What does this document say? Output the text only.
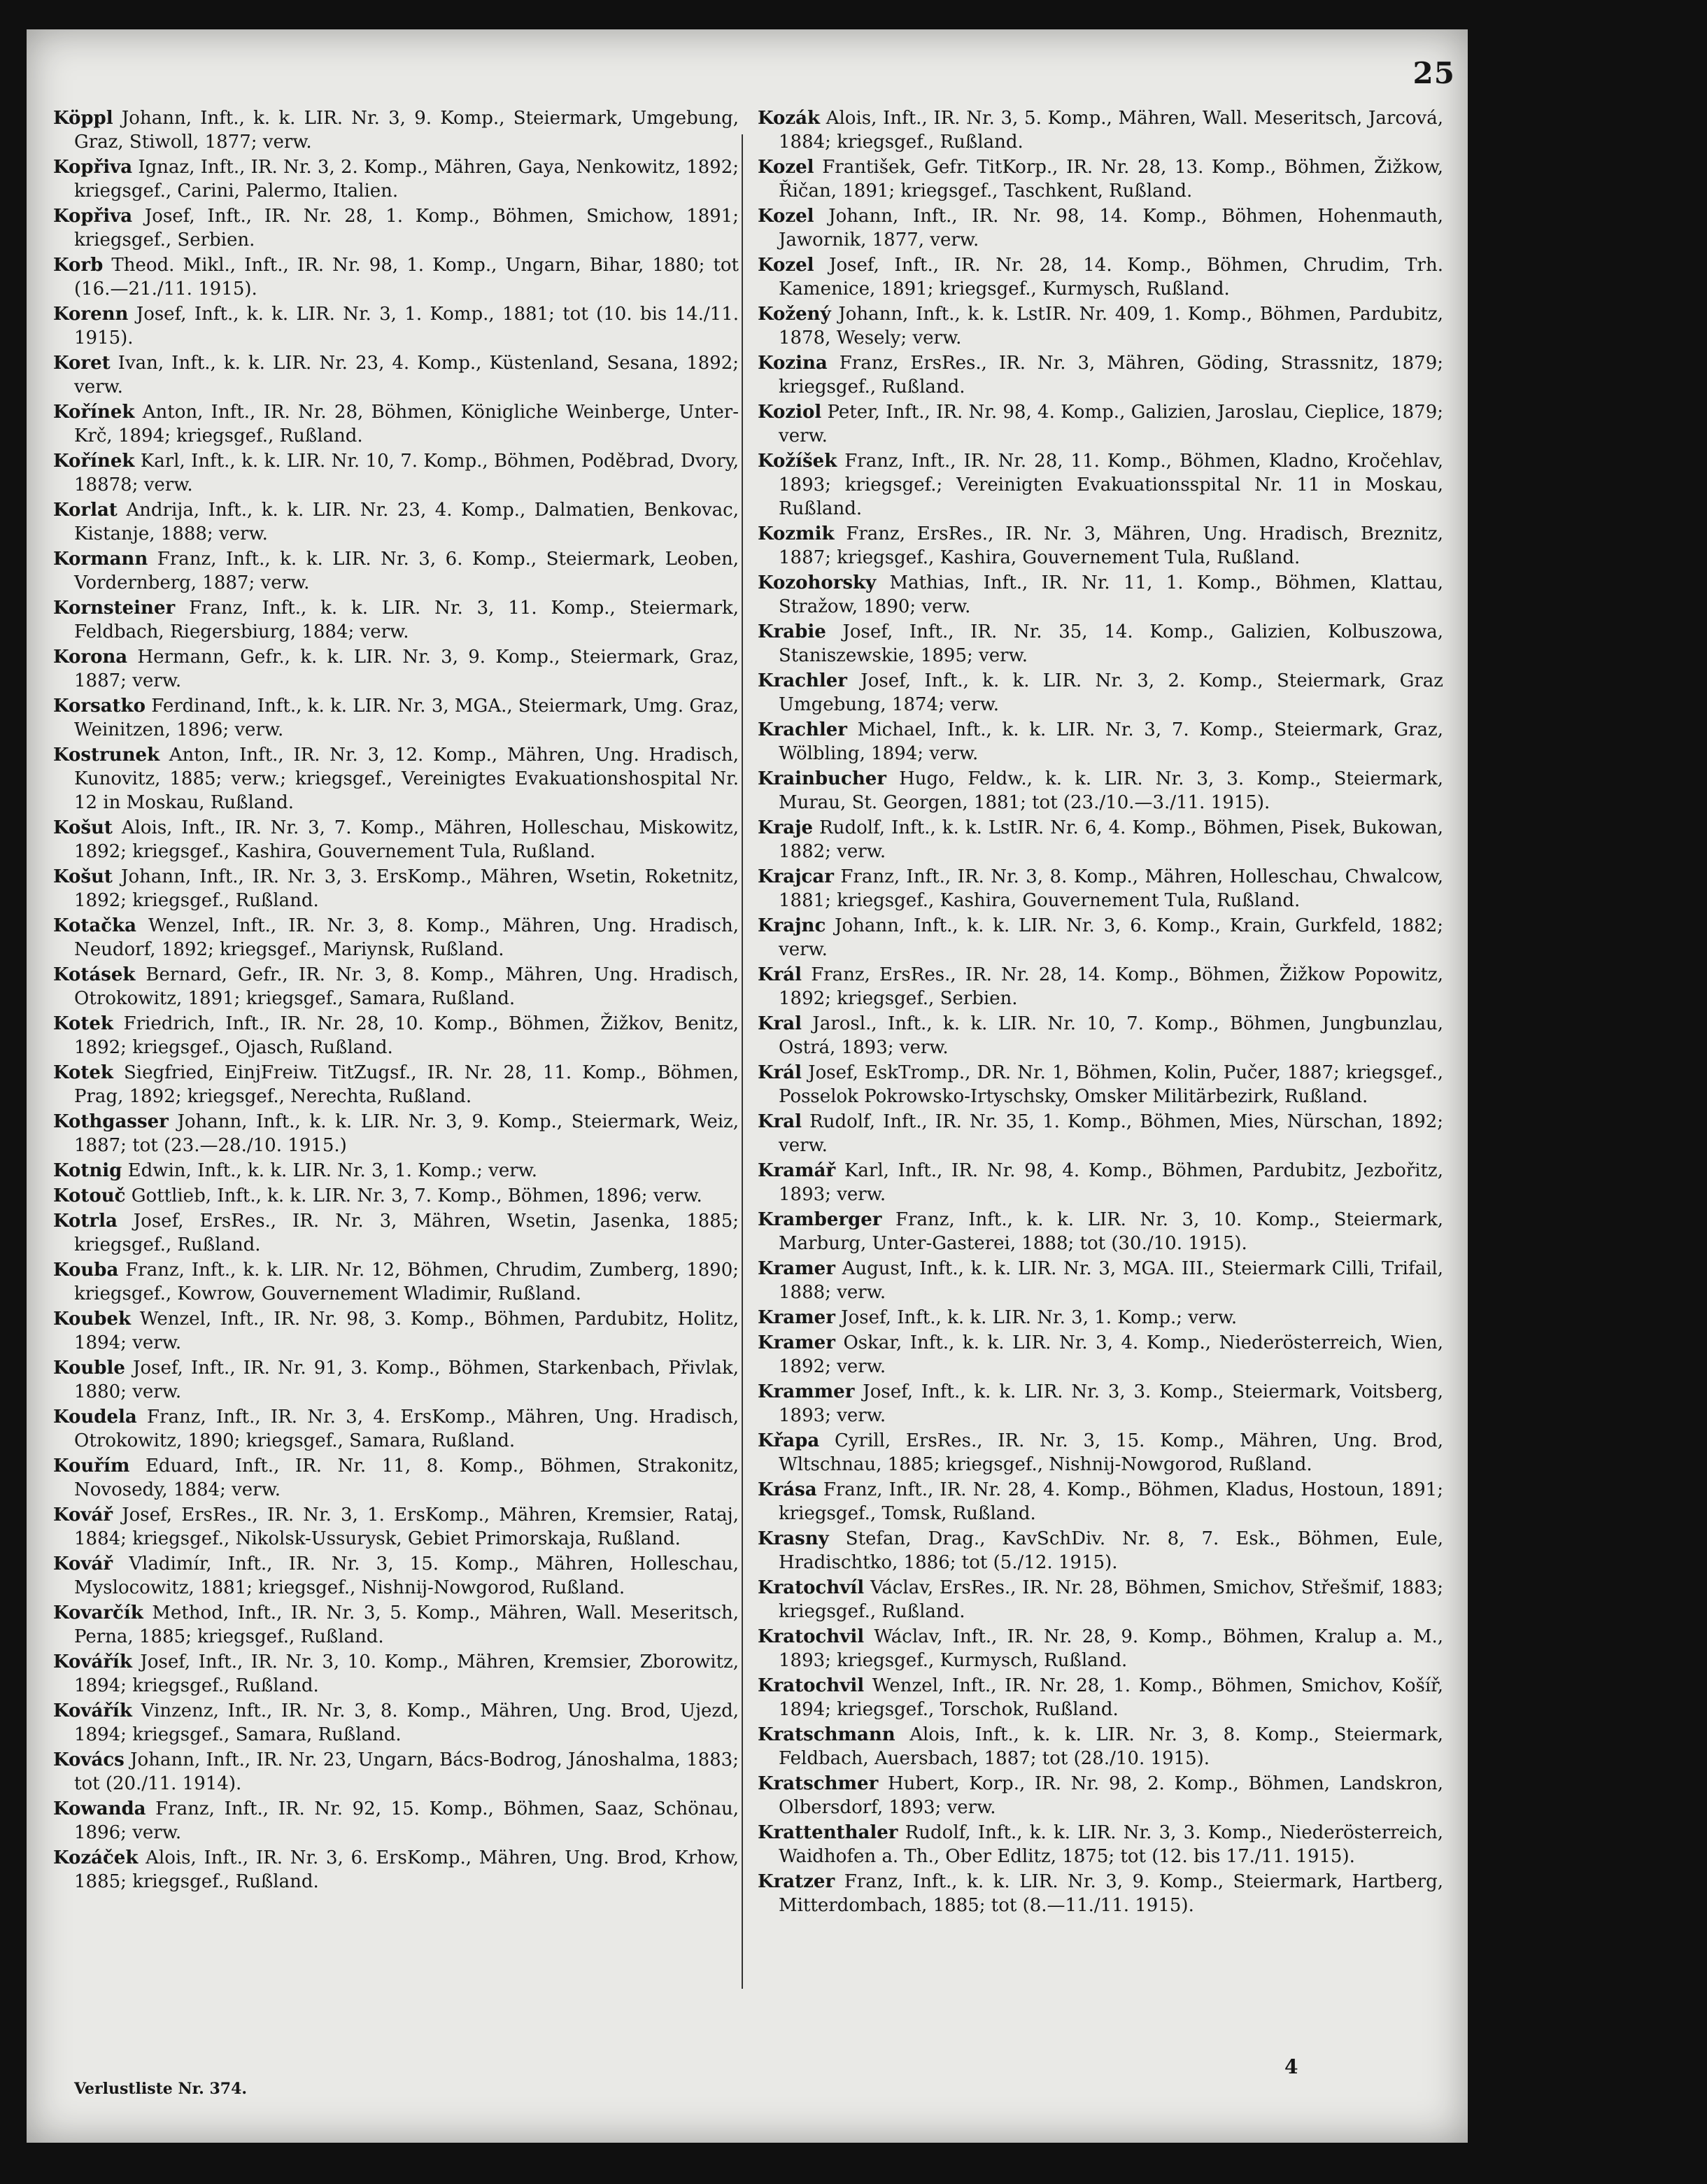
25

Köppl Johann, Inft., k. k. LIR. Nr. 3, 9. Komp., Steiermark, Umgebung, Graz, Stiwoll, 1877; verw.

Kopřiva Ignaz, Inft., IR. Nr. 3, 2. Komp., Mähren, Gaya, Nenkowitz, 1892; kriegsgef., Carini, Palermo, Italien.

Kopřiva Josef, Inft., IR. Nr. 28, 1. Komp., Böhmen, Smichow, 1891; kriegsgef., Serbien.

Korb Theod. Mikl., Inft., IR. Nr. 98, 1. Komp., Ungarn, Bihar, 1880; tot (16.—21./11. 1915).

Korenn Josef, Inft., k. k. LIR. Nr. 3, 1. Komp., 1881; tot (10. bis 14./11. 1915).

Koret Ivan, Inft., k. k. LIR. Nr. 23, 4. Komp., Küstenland, Sesana, 1892; verw.

Kořínek Anton, Inft., IR. Nr. 28, Böhmen, Königliche Weinberge, Unter-Krč, 1894; kriegsgef., Rußland.

Kořínek Karl, Inft., k. k. LIR. Nr. 10, 7. Komp., Böhmen, Poděbrad, Dvory, 18878; verw.

Korlat Andrija, Inft., k. k. LIR. Nr. 23, 4. Komp., Dalmatien, Benkovac, Kistanje, 1888; verw.

Kormann Franz, Inft., k. k. LIR. Nr. 3, 6. Komp., Steiermark, Leoben, Vordernberg, 1887; verw.

Kornsteiner Franz, Inft., k. k. LIR. Nr. 3, 11. Komp., Steiermark, Feldbach, Riegersbiurg, 1884; verw.

Korona Hermann, Gefr., k. k. LIR. Nr. 3, 9. Komp., Steiermark, Graz, 1887; verw.

Korsatko Ferdinand, Inft., k. k. LIR. Nr. 3, MGA., Steiermark, Umg. Graz, Weinitzen, 1896; verw.

Kostrunek Anton, Inft., IR. Nr. 3, 12. Komp., Mähren, Ung. Hradisch, Kunovitz, 1885; verw.; kriegsgef., Vereinigtes Evakuationshospital Nr. 12 in Moskau, Rußland.

Košut Alois, Inft., IR. Nr. 3, 7. Komp., Mähren, Holleschau, Miskowitz, 1892; kriegsgef., Kashira, Gouvernement Tula, Rußland.

Košut Johann, Inft., IR. Nr. 3, 3. ErsKomp., Mähren, Wsetin, Roketnitz, 1892; kriegsgef., Rußland.

Kotačka Wenzel, Inft., IR. Nr. 3, 8. Komp., Mähren, Ung. Hradisch, Neudorf, 1892; kriegsgef., Mariynsk, Rußland.

Kotásek Bernard, Gefr., IR. Nr. 3, 8. Komp., Mähren, Ung. Hradisch, Otrokowitz, 1891; kriegsgef., Samara, Rußland.

Kotek Friedrich, Inft., IR. Nr. 28, 10. Komp., Böhmen, Žižkov, Benitz, 1892; kriegsgef., Ojasch, Rußland.

Kotek Siegfried, EinjFreiw. TitZugsf., IR. Nr. 28, 11. Komp., Böhmen, Prag, 1892; kriegsgef., Nerechta, Rußland.

Kothgasser Johann, Inft., k. k. LIR. Nr. 3, 9. Komp., Steiermark, Weiz, 1887; tot (23.—28./10. 1915.)

Kotnig Edwin, Inft., k. k. LIR. Nr. 3, 1. Komp.; verw.

Kotouč Gottlieb, Inft., k. k. LIR. Nr. 3, 7. Komp., Böhmen, 1896; verw.

Kotrla Josef, ErsRes., IR. Nr. 3, Mähren, Wsetin, Jasenka, 1885; kriegsgef., Rußland.

Kouba Franz, Inft., k. k. LIR. Nr. 12, Böhmen, Chrudim, Zumberg, 1890; kriegsgef., Kowrow, Gouvernement Wladimir, Rußland.

Koubek Wenzel, Inft., IR. Nr. 98, 3. Komp., Böhmen, Pardubitz, Holitz, 1894; verw.

Kouble Josef, Inft., IR. Nr. 91, 3. Komp., Böhmen, Starkenbach, Přivlak, 1880; verw.

Koudela Franz, Inft., IR. Nr. 3, 4. ErsKomp., Mähren, Ung. Hradisch, Otrokowitz, 1890; kriegsgef., Samara, Rußland.

Kouřím Eduard, Inft., IR. Nr. 11, 8. Komp., Böhmen, Strakonitz, Novosedy, 1884; verw.

Kovář Josef, ErsRes., IR. Nr. 3, 1. ErsKomp., Mähren, Kremsier, Rataj, 1884; kriegsgef., Nikolsk-Ussurysk, Gebiet Primorskaja, Rußland.

Kovář Vladimír, Inft., IR. Nr. 3, 15. Komp., Mähren, Holleschau, Myslocowitz, 1881; kriegsgef., Nishnij-Nowgorod, Rußland.

Kovarčík Method, Inft., IR. Nr. 3, 5. Komp., Mähren, Wall. Meseritsch, Perna, 1885; kriegsgef., Rußland.

Kovářík Josef, Inft., IR. Nr. 3, 10. Komp., Mähren, Kremsier, Zborowitz, 1894; kriegsgef., Rußland.

Kovářík Vinzenz, Inft., IR. Nr. 3, 8. Komp., Mähren, Ung. Brod, Ujezd, 1894; kriegsgef., Samara, Rußland.

Kovács Johann, Inft., IR. Nr. 23, Ungarn, Bács-Bodrog, Jánoshalma, 1883; tot (20./11. 1914).

Kowanda Franz, Inft., IR. Nr. 92, 15. Komp., Böhmen, Saaz, Schönau, 1896; verw.

Kozáček Alois, Inft., IR. Nr. 3, 6. ErsKomp., Mähren, Ung. Brod, Krhow, 1885; kriegsgef., Rußland.

Kozák Alois, Inft., IR. Nr. 3, 5. Komp., Mähren, Wall. Meseritsch, Jarcová, 1884; kriegsgef., Rußland.

Kozel František, Gefr. TitKorp., IR. Nr. 28, 13. Komp., Böhmen, Žižkow, Řičan, 1891; kriegsgef., Taschkent, Rußland.

Kozel Johann, Inft., IR. Nr. 98, 14. Komp., Böhmen, Hohenmauth, Jawornik, 1877, verw.

Kozel Josef, Inft., IR. Nr. 28, 14. Komp., Böhmen, Chrudim, Trh. Kamenice, 1891; kriegsgef., Kurmysch, Rußland.

Kožený Johann, Inft., k. k. LstIR. Nr. 409, 1. Komp., Böhmen, Pardubitz, 1878, Wesely; verw.

Kozina Franz, ErsRes., IR. Nr. 3, Mähren, Göding, Strassnitz, 1879; kriegsgef., Rußland.

Koziol Peter, Inft., IR. Nr. 98, 4. Komp., Galizien, Jaroslau, Cieplice, 1879; verw.

Kožíšek Franz, Inft., IR. Nr. 28, 11. Komp., Böhmen, Kladno, Kročehlav, 1893; kriegsgef.; Vereinigten Evakuationsspital Nr. 11 in Moskau, Rußland.

Kozmik Franz, ErsRes., IR. Nr. 3, Mähren, Ung. Hradisch, Breznitz, 1887; kriegsgef., Kashira, Gouvernement Tula, Rußland.

Kozohorsky Mathias, Inft., IR. Nr. 11, 1. Komp., Böhmen, Klattau, Stražow, 1890; verw.

Krabie Josef, Inft., IR. Nr. 35, 14. Komp., Galizien, Kolbuszowa, Staniszewskie, 1895; verw.

Krachler Josef, Inft., k. k. LIR. Nr. 3, 2. Komp., Steiermark, Graz Umgebung, 1874; verw.

Krachler Michael, Inft., k. k. LIR. Nr. 3, 7. Komp., Steiermark, Graz, Wölbling, 1894; verw.

Krainbucher Hugo, Feldw., k. k. LIR. Nr. 3, 3. Komp., Steiermark, Murau, St. Georgen, 1881; tot (23./10.—3./11. 1915).

Kraje Rudolf, Inft., k. k. LstIR. Nr. 6, 4. Komp., Böhmen, Pisek, Bukowan, 1882; verw.

Krajcar Franz, Inft., IR. Nr. 3, 8. Komp., Mähren, Holleschau, Chwalcow, 1881; kriegsgef., Kashira, Gouvernement Tula, Rußland.

Krajnc Johann, Inft., k. k. LIR. Nr. 3, 6. Komp., Krain, Gurkfeld, 1882; verw.

Král Franz, ErsRes., IR. Nr. 28, 14. Komp., Böhmen, Žižkow Popowitz, 1892; kriegsgef., Serbien.

Kral Jarosl., Inft., k. k. LIR. Nr. 10, 7. Komp., Böhmen, Jungbunzlau, Ostrá, 1893; verw.

Král Josef, EskTromp., DR. Nr. 1, Böhmen, Kolin, Pučer, 1887; kriegsgef., Posselok Pokrowsko-Irtyschsky, Omsker Militärbezirk, Rußland.

Kral Rudolf, Inft., IR. Nr. 35, 1. Komp., Böhmen, Mies, Nürschan, 1892; verw.

Kramář Karl, Inft., IR. Nr. 98, 4. Komp., Böhmen, Pardubitz, Jezbořitz, 1893; verw.

Kramberger Franz, Inft., k. k. LIR. Nr. 3, 10. Komp., Steiermark, Marburg, Unter-Gasterei, 1888; tot (30./10. 1915).

Kramer August, Inft., k. k. LIR. Nr. 3, MGA. III., Steiermark Cilli, Trifail, 1888; verw.

Kramer Josef, Inft., k. k. LIR. Nr. 3, 1. Komp.; verw.

Kramer Oskar, Inft., k. k. LIR. Nr. 3, 4. Komp., Niederösterreich, Wien, 1892; verw.

Krammer Josef, Inft., k. k. LIR. Nr. 3, 3. Komp., Steiermark, Voitsberg, 1893; verw.

Křapa Cyrill, ErsRes., IR. Nr. 3, 15. Komp., Mähren, Ung. Brod, Wltschnau, 1885; kriegsgef., Nishnij-Nowgorod, Rußland.

Krása Franz, Inft., IR. Nr. 28, 4. Komp., Böhmen, Kladus, Hostoun, 1891; kriegsgef., Tomsk, Rußland.

Krasny Stefan, Drag., KavSchDiv. Nr. 8, 7. Esk., Böhmen, Eule, Hradischtko, 1886; tot (5./12. 1915).

Kratochvíl Václav, ErsRes., IR. Nr. 28, Böhmen, Smichov, Střešmif, 1883; kriegsgef., Rußland.

Kratochvil Wáclav, Inft., IR. Nr. 28, 9. Komp., Böhmen, Kralup a. M., 1893; kriegsgef., Kurmysch, Rußland.

Kratochvil Wenzel, Inft., IR. Nr. 28, 1. Komp., Böhmen, Smichov, Košíř, 1894; kriegsgef., Torschok, Rußland.

Kratschmann Alois, Inft., k. k. LIR. Nr. 3, 8. Komp., Steiermark, Feldbach, Auersbach, 1887; tot (28./10. 1915).

Kratschmer Hubert, Korp., IR. Nr. 98, 2. Komp., Böhmen, Landskron, Olbersdorf, 1893; verw.

Krattenthaler Rudolf, Inft., k. k. LIR. Nr. 3, 3. Komp., Niederösterreich, Waidhofen a. Th., Ober Edlitz, 1875; tot (12. bis 17./11. 1915).

Kratzer Franz, Inft., k. k. LIR. Nr. 3, 9. Komp., Steiermark, Hartberg, Mitterdombach, 1885; tot (8.—11./11. 1915).

Verlustliste Nr. 374.
4
